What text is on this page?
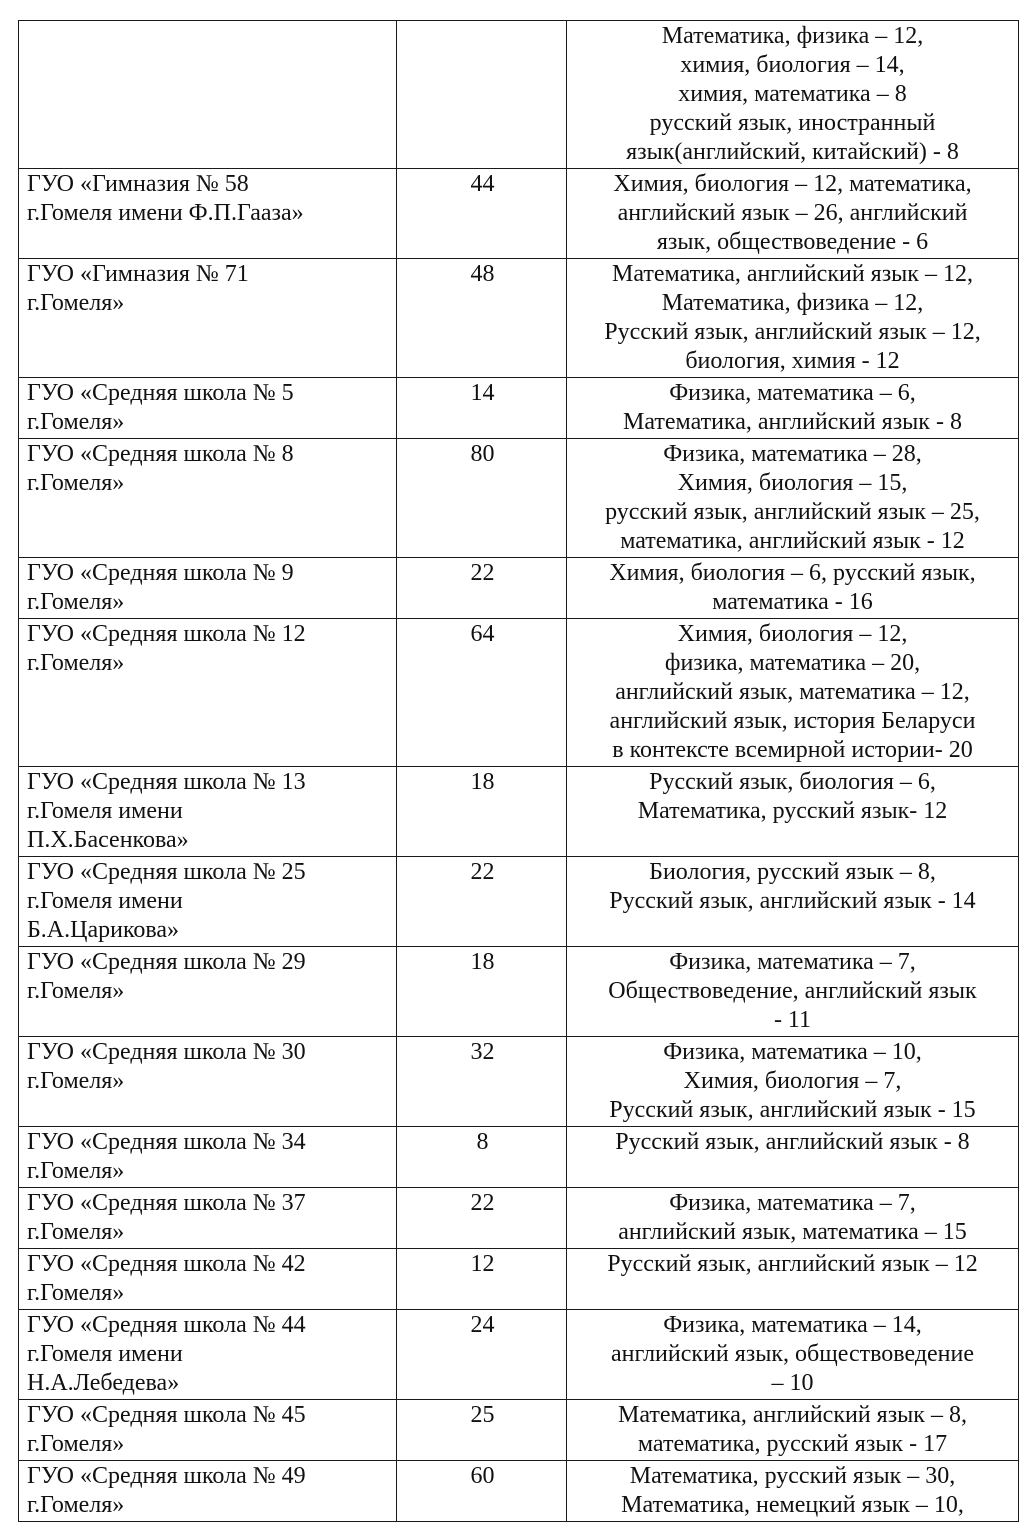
		Математика, физика – 12,
химия, биология – 14,
химия, математика – 8
русский язык, иностранный
язык(английский, китайский) - 8

ГУО «Гимназия № 58
г.Гомеля имени Ф.П.Гааза»	44	Химия, биология – 12, математика,
английский язык – 26, английский
язык, обществоведение - 6

ГУО «Гимназия № 71
г.Гомеля»	48	Математика, английский язык – 12,
Математика, физика – 12,
Русский язык, английский язык – 12,
биология, химия - 12

ГУО «Средняя школа № 5
г.Гомеля»	14	Физика, математика – 6,
Математика, английский язык - 8

ГУО «Средняя школа № 8
г.Гомеля»	80	Физика, математика – 28,
Химия, биология – 15,
русский язык, английский язык – 25,
математика, английский язык - 12

ГУО «Средняя школа № 9
г.Гомеля»	22	Химия, биология – 6, русский язык,
математика - 16

ГУО «Средняя школа № 12
г.Гомеля»	64	Химия, биология – 12,
физика, математика – 20,
английский язык, математика – 12,
английский язык, история Беларуси
в контексте всемирной истории- 20

ГУО «Средняя школа № 13
г.Гомеля имени
П.Х.Басенкова»	18	Русский язык, биология – 6,
Математика, русский язык- 12

ГУО «Средняя школа № 25
г.Гомеля имени
Б.А.Царикова»	22	Биология, русский язык – 8,
Русский язык, английский язык - 14

ГУО «Средняя школа № 29
г.Гомеля»	18	Физика, математика – 7,
Обществоведение, английский язык
- 11

ГУО «Средняя школа № 30
г.Гомеля»	32	Физика, математика – 10,
Химия, биология – 7,
Русский язык, английский язык - 15

ГУО «Средняя школа № 34
г.Гомеля»	8	Русский язык, английский язык - 8

ГУО «Средняя школа № 37
г.Гомеля»	22	Физика, математика – 7,
английский язык, математика – 15

ГУО «Средняя школа № 42
г.Гомеля»	12	Русский язык, английский язык – 12

ГУО «Средняя школа № 44
г.Гомеля имени
Н.А.Лебедева»	24	Физика, математика – 14,
английский язык, обществоведение
– 10

ГУО «Средняя школа № 45
г.Гомеля»	25	Математика, английский язык – 8,
математика, русский язык - 17

ГУО «Средняя школа № 49
г.Гомеля»	60	Математика, русский язык – 30,
Математика, немецкий язык – 10,
